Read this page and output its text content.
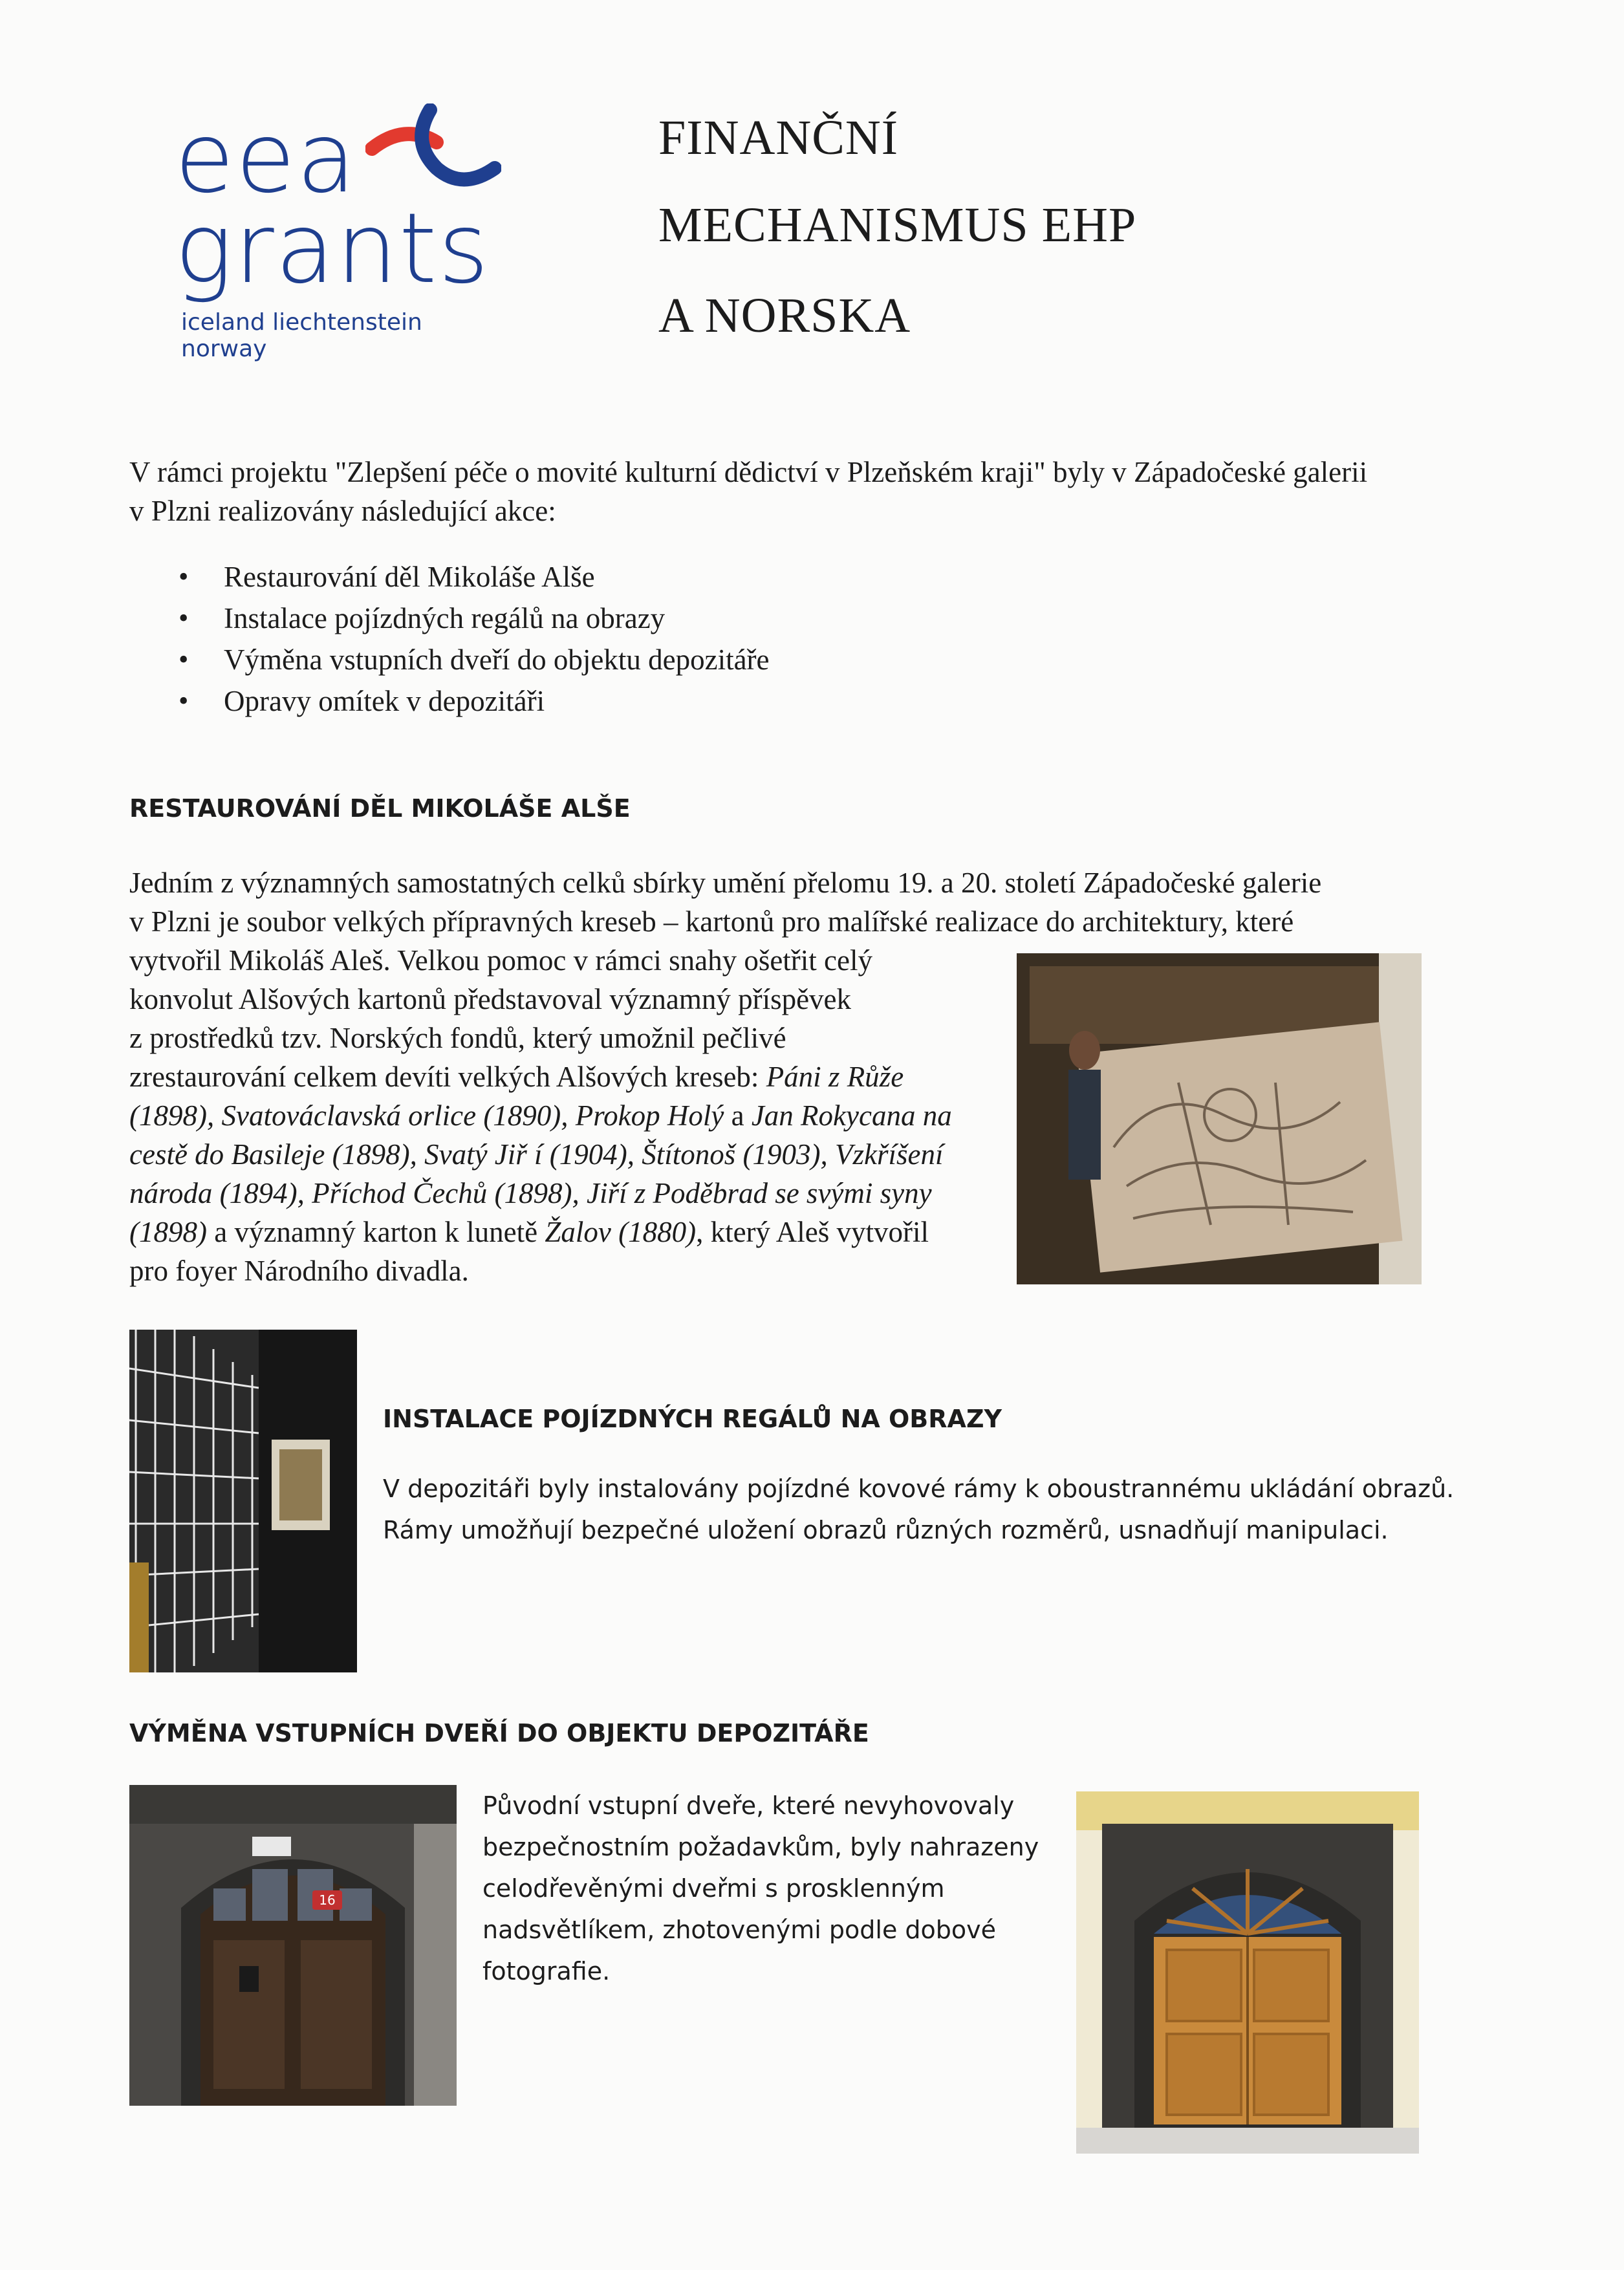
eea
grants
iceland liechtenstein norway
FINANČNÍ
MECHANISMUS EHP
A NORSKA
V rámci projektu "Zlepšení péče o movité kulturní dědictví v Plzeňském kraji" byly v Západočeské galerii
v Plzni realizovány následující akce:
• Restaurování děl Mikoláše Alše
• Instalace pojízdných regálů na obrazy
• Výměna vstupních dveří do objektu depozitáře
• Opravy omítek v depozitáři
RESTAUROVÁNÍ DĚL MIKOLÁŠE ALŠE
Jedním z významných samostatných celků sbírky umění přelomu 19. a 20. století Západočeské galerie
v Plzni je soubor velkých přípravných kreseb – kartonů pro malířské realizace do architektury, které
vytvořil Mikoláš Aleš. Velkou pomoc v rámci snahy ošetřit celý
konvolut Alšových kartonů představoval významný příspěvek
z prostředků tzv. Norských fondů, který umožnil pečlivé
zrestaurování celkem devíti velkých Alšových kreseb: Páni z Růže
(1898), Svatováclavská orlice (1890), Prokop Holý a Jan Rokycana na
cestě do Basileje (1898), Svatý Jiř í (1904), Štítonoš (1903), Vzkříšení
národa (1894), Příchod Čechů (1898), Jiří z Poděbrad se svými syny
(1898) a významný karton k lunetě Žalov (1880), který Aleš vytvořil
pro foyer Národního divadla.
INSTALACE POJÍZDNÝCH REGÁLŮ NA OBRAZY
V depozitáři byly instalovány pojízdné kovové rámy k oboustrannému ukládání obrazů.
Rámy umožňují bezpečné uložení obrazů různých rozměrů, usnadňují manipulaci.
VÝMĚNA VSTUPNÍCH DVEŘÍ DO OBJEKTU DEPOZITÁŘE
16
Původní vstupní dveře, které nevyhovovaly
bezpečnostním požadavkům, byly nahrazeny
celodřevěnými dveřmi s prosklenným
nadsvětlíkem, zhotovenými podle dobové
fotografie.
